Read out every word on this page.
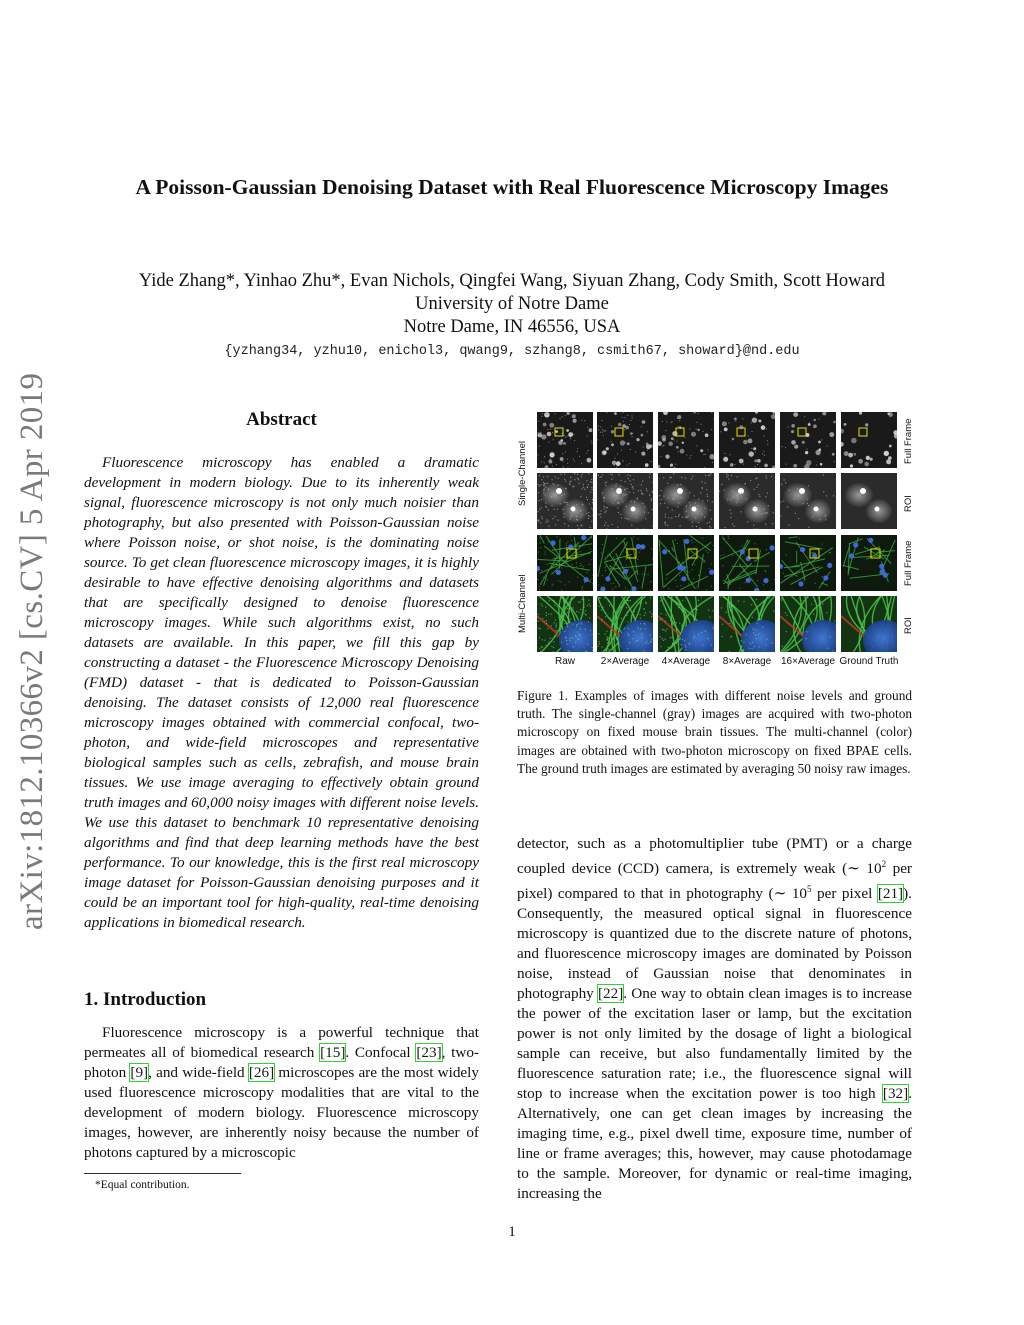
A Poisson-Gaussian Denoising Dataset with Real Fluorescence Microscopy Images
Yide Zhang*, Yinhao Zhu*, Evan Nichols, Qingfei Wang, Siyuan Zhang, Cody Smith, Scott Howard
University of Notre Dame
Notre Dame, IN 46556, USA
{yzhang34, yzhu10, enichol3, qwang9, szhang8, csmith67, showard}@nd.edu
arXiv:1812.10366v2 [cs.CV] 5 Apr 2019	Abstract
Fluorescence microscopy has enabled a dramatic development in modern biology. Due to its inherently weak signal, fluorescence microscopy is not only much noisier than photography, but also presented with Poisson-Gaussian noise where Poisson noise, or shot noise, is the dominating noise source. To get clean fluorescence microscopy images, it is highly desirable to have effective denoising algorithms and datasets that are specifically designed to denoise fluorescence microscopy images. While such algorithms exist, no such datasets are available. In this paper, we fill this gap by constructing a dataset - the Fluorescence Microscopy Denoising (FMD) dataset - that is dedicated to Poisson-Gaussian denoising. The dataset consists of 12,000 real fluorescence microscopy images obtained with commercial confocal, two-photon, and wide-field microscopes and representative biological samples such as cells, zebrafish, and mouse brain tissues. We use image averaging to effectively obtain ground truth images and 60,000 noisy images with different noise levels. We use this dataset to benchmark 10 representative denoising algorithms and find that deep learning methods have the best performance. To our knowledge, this is the first real microscopy image dataset for Poisson-Gaussian denoising purposes and it could be an important tool for high-quality, real-time denoising applications in biomedical research.
1. Introduction
Fluorescence microscopy is a powerful technique that permeates all of biomedical research [15]. Confocal [23], two-photon [9], and wide-field [26] microscopes are the most widely used fluorescence microscopy modalities that are vital to the development of modern biology. Fluorescence microscopy images, however, are inherently noisy because the number of photons captured by a microscopic
*Equal contribution.
Single-Channel
Multi-Channel
Full Frame
ROI
Full Frame
ROI
Raw	2×Average	4×Average	8×Average 16×Average Ground Truth
Figure 1. Examples of images with different noise levels and ground truth. The single-channel (gray) images are acquired with two-photon microscopy on fixed mouse brain tissues. The multi-channel (color) images are obtained with two-photon microscopy on fixed BPAE cells. The ground truth images are estimated by averaging 50 noisy raw images.
detector, such as a photomultiplier tube (PMT) or a charge coupled device (CCD) camera, is extremely weak (∼ $10^2$ per pixel) compared to that in photography (∼ $10^5$ per pixel [21]). Consequently, the measured optical signal in fluorescence microscopy is quantized due to the discrete nature of photons, and fluorescence microscopy images are dominated by Poisson noise, instead of Gaussian noise that denominates in photography [22]. One way to obtain clean images is to increase the power of the excitation laser or lamp, but the excitation power is not only limited by the dosage of light a biological sample can receive, but also fundamentally limited by the fluorescence saturation rate; i.e., the fluorescence signal will stop to increase when the excitation power is too high [32]. Alternatively, one can get clean images by increasing the imaging time, e.g., pixel dwell time, exposure time, number of line or frame averages; this, however, may cause photodamage to the sample. Moreover, for dynamic or real-time imaging, increasing the
1
